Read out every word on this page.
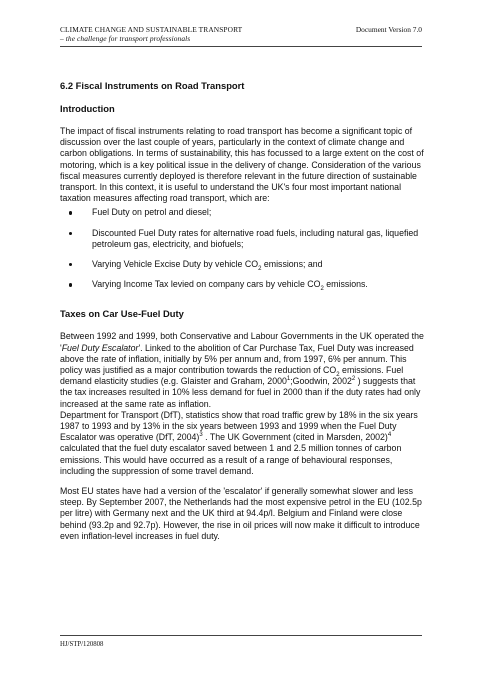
CLIMATE CHANGE AND SUSTAINABLE TRANSPORT
– the challenge for transport professionals
Document Version 7.0
6.2 Fiscal Instruments on Road Transport
Introduction

The impact of fiscal instruments relating to road transport has become a significant topic of discussion over the last couple of years, particularly in the context of climate change and carbon obligations. In terms of sustainability, this has focussed to a large extent on the cost of motoring, which is a key political issue in the delivery of change. Consideration of the various fiscal measures currently deployed is therefore relevant in the future direction of sustainable transport. In this context, it is useful to understand the UK's four most important national taxation measures affecting road transport, which are:

Fuel Duty on petrol and diesel;
Discounted Fuel Duty rates for alternative road fuels, including natural gas, liquefied petroleum gas, electricity, and biofuels;
Varying Vehicle Excise Duty by vehicle $CO_2$ emissions; and
Varying Income Tax levied on company cars by vehicle $CO_2$ emissions.
Taxes on Car Use-Fuel Duty

Between 1992 and 1999, both Conservative and Labour Governments in the UK operated the 'Fuel Duty Escalator'. Linked to the abolition of Car Purchase Tax, Fuel Duty was increased above the rate of inflation, initially by 5% per annum and, from 1997, 6% per annum. This policy was justified as a major contribution towards the reduction of $CO_2$ emissions. Fuel demand elasticity studies (e.g. Glaister and Graham, 2000$^1$;Goodwin, 2002$^2$ ) suggests that the tax increases resulted in 10% less demand for fuel in 2000 than if the duty rates had only increased at the same rate as inflation.

Department for Transport (DfT), statistics show that road traffic grew by 18% in the six years 1987 to 1993 and by 13% in the six years between 1993 and 1999 when the Fuel Duty Escalator was operative (DfT, 2004)$^3$ . The UK Government (cited in Marsden, 2002)$^4$ calculated that the fuel duty escalator saved between 1 and 2.5 million tonnes of carbon emissions. This would have occurred as a result of a range of behavioural responses, including the suppression of some travel demand.

Most EU states have had a version of the 'escalator' if generally somewhat slower and less steep. By September 2007, the Netherlands had the most expensive petrol in the EU (102.5p per litre) with Germany next and the UK third at 94.4p/l. Belgium and Finland were close behind (93.2p and 92.7p). However, the rise in oil prices will now make it difficult to introduce even inflation-level increases in fuel duty.

HJ/STP/120808
